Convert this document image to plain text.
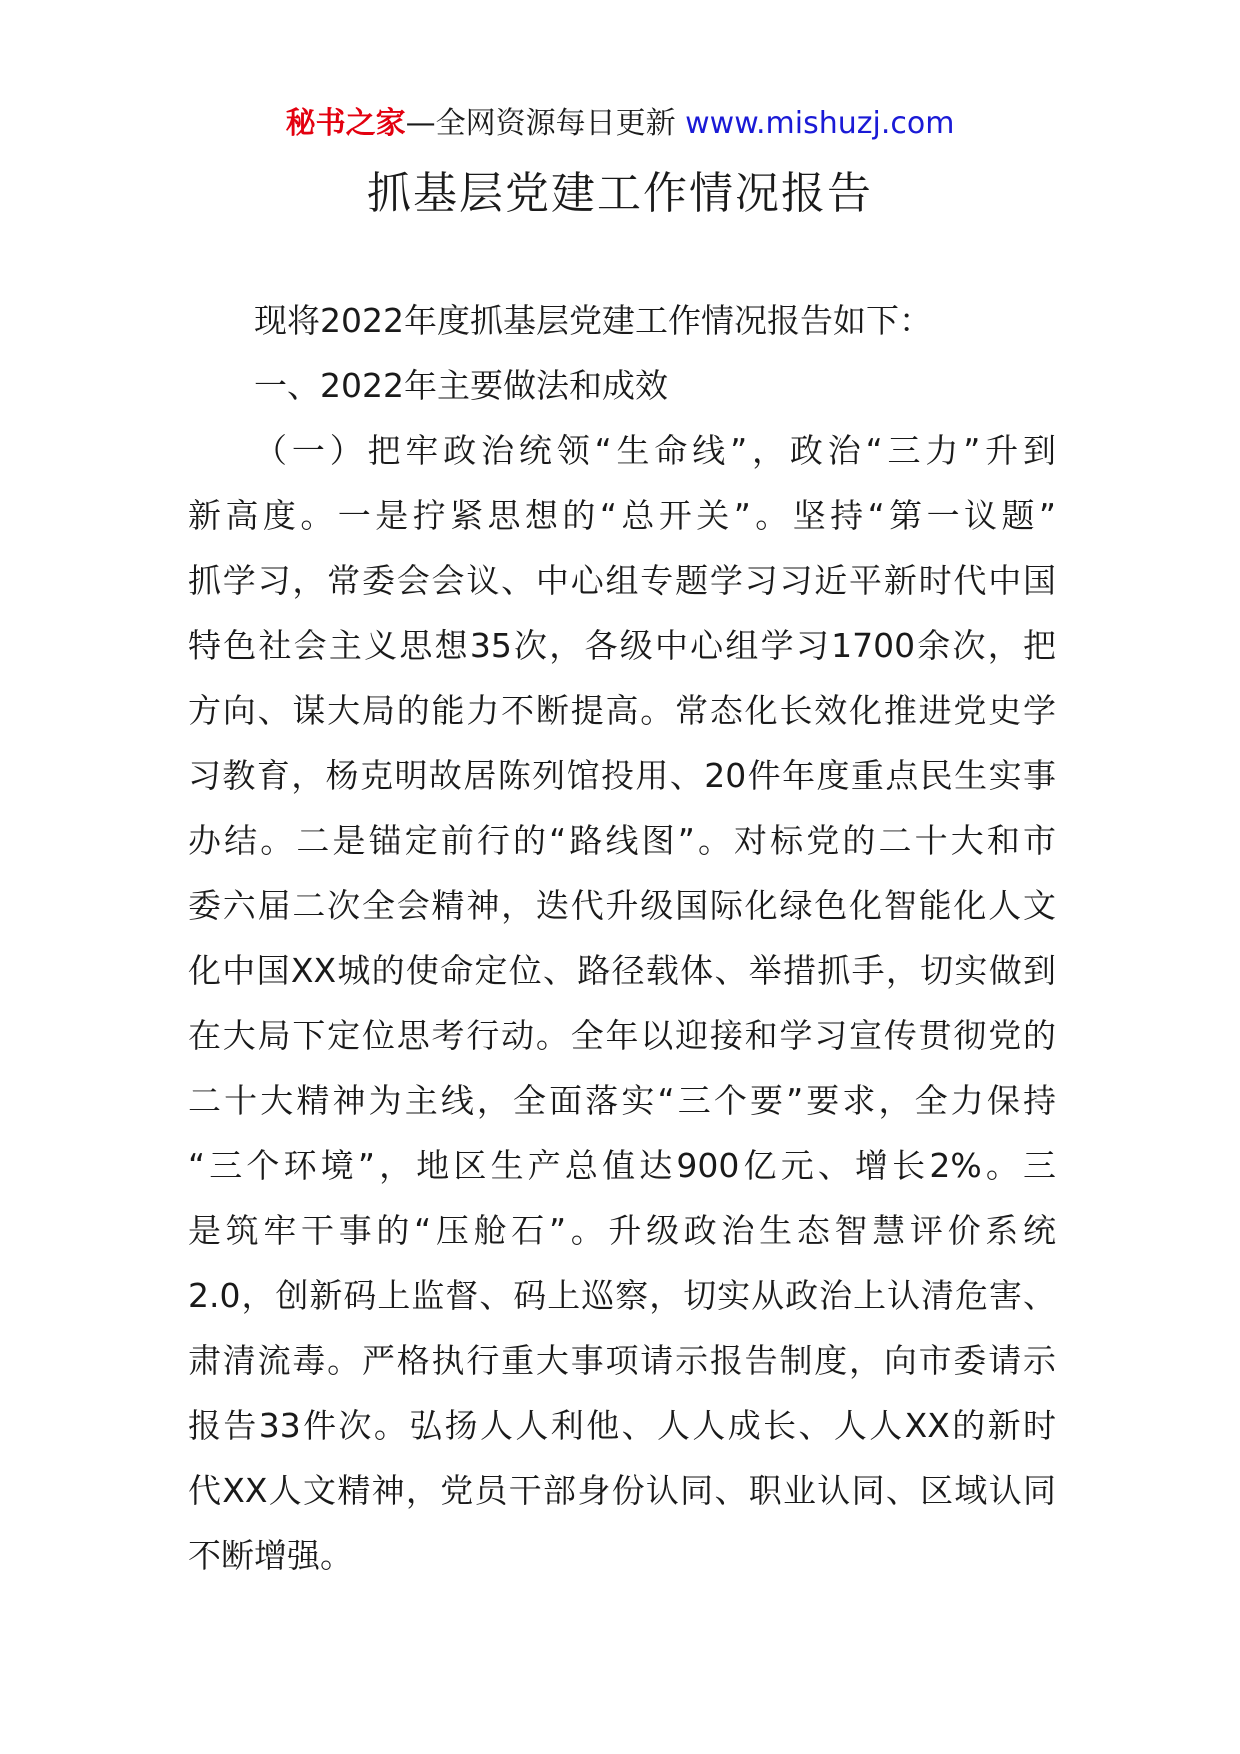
秘书之家—全网资源每日更新 www.mishuzj.com
抓基层党建工作情况报告
现将2022年度抓基层党建工作情况报告如下：
一、2022年主要做法和成效
（一）把牢政治统领“生命线”，政治“三力”升到
新高度。一是拧紧思想的“总开关”。坚持“第一议题”
抓学习，常委会会议、中心组专题学习习近平新时代中国
特色社会主义思想35次，各级中心组学习1700余次，把
方向、谋大局的能力不断提高。常态化长效化推进党史学
习教育，杨克明故居陈列馆投用、20件年度重点民生实事
办结。二是锚定前行的“路线图”。对标党的二十大和市
委六届二次全会精神，迭代升级国际化绿色化智能化人文
化中国XX城的使命定位、路径载体、举措抓手，切实做到
在大局下定位思考行动。全年以迎接和学习宣传贯彻党的
二十大精神为主线，全面落实“三个要”要求，全力保持
“三个环境”，地区生产总值达900亿元、增长2%。三
是筑牢干事的“压舱石”。升级政治生态智慧评价系统
2.0，创新码上监督、码上巡察，切实从政治上认清危害、
肃清流毒。严格执行重大事项请示报告制度，向市委请示
报告33件次。弘扬人人利他、人人成长、人人XX的新时
代XX人文精神，党员干部身份认同、职业认同、区域认同
不断增强。
